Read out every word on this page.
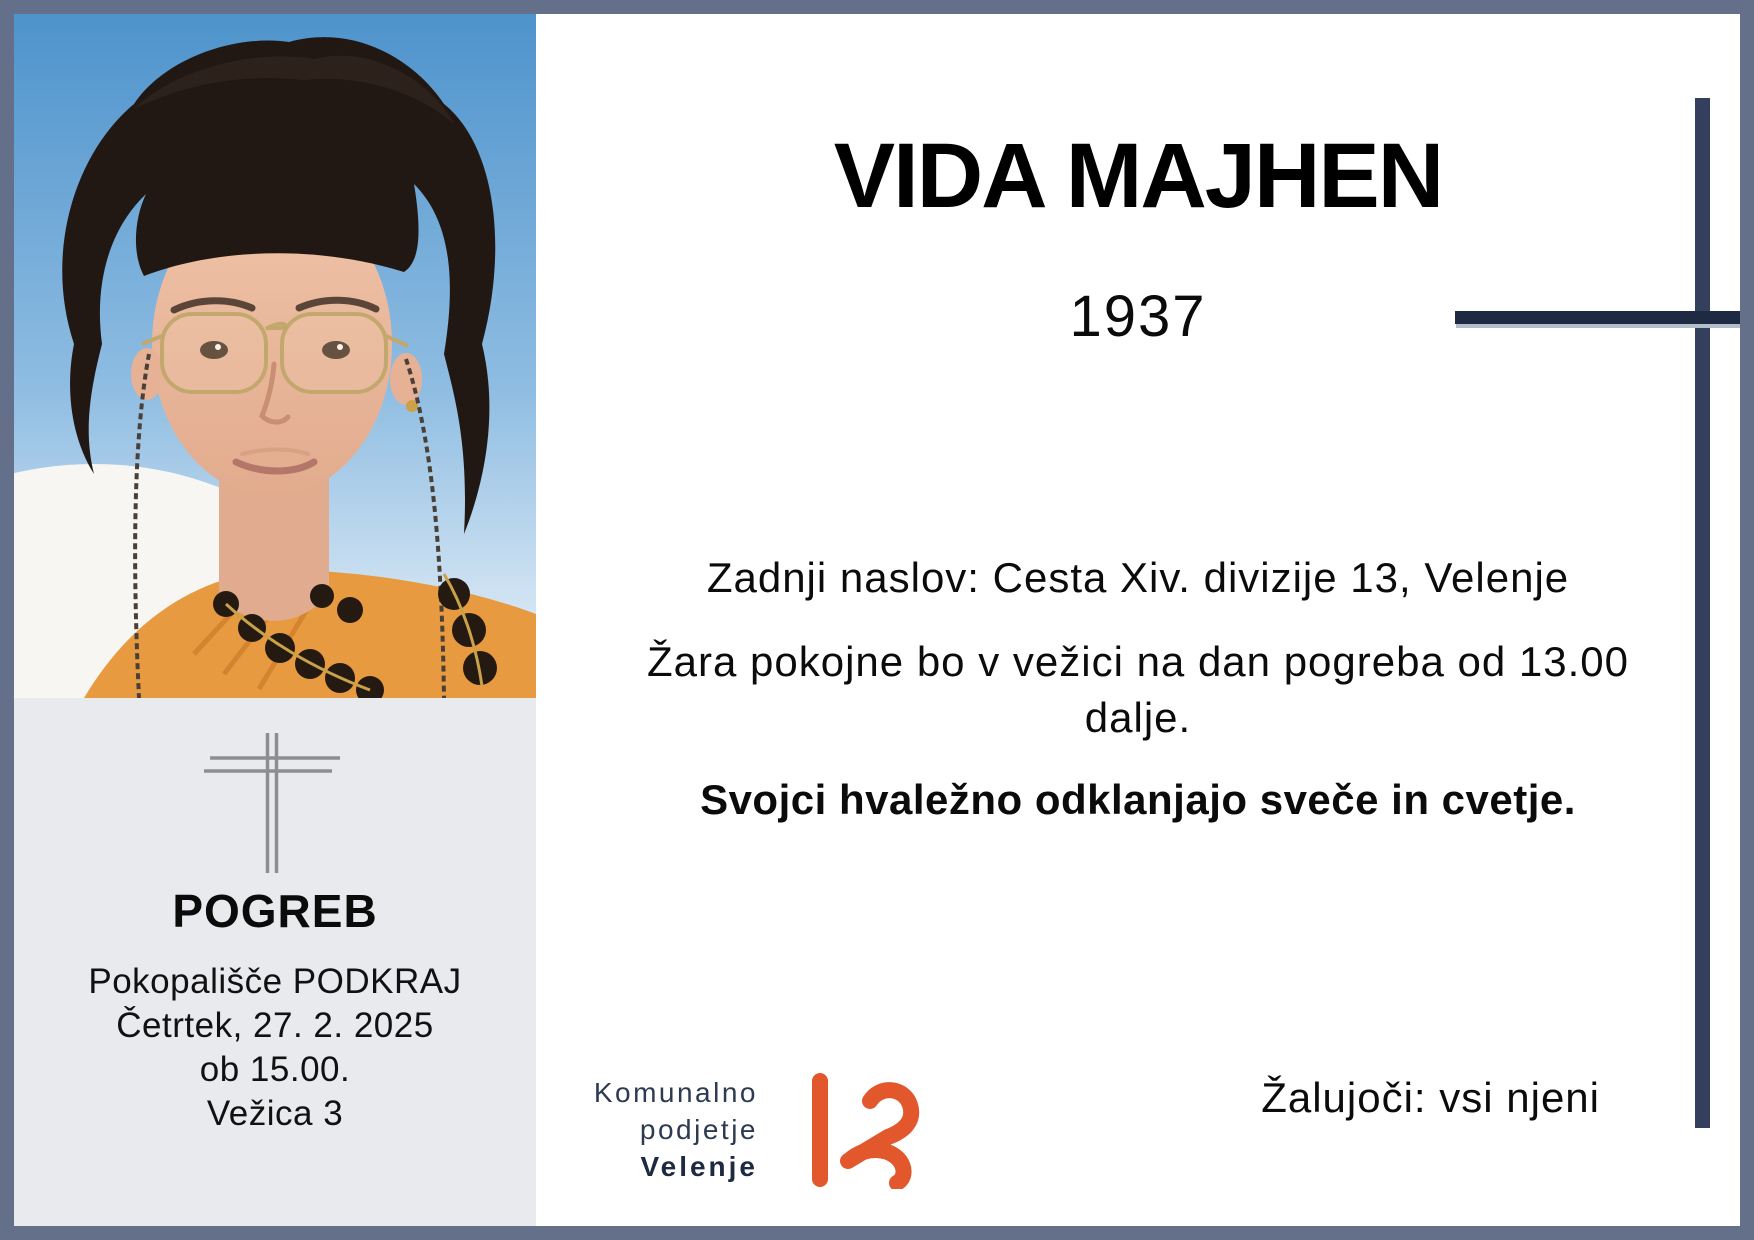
POGREB
Pokopališče PODKRAJ
Četrtek, 27. 2. 2025
ob 15.00.
Vežica 3
VIDA MAJHEN
1937
Zadnji naslov: Cesta Xiv. divizije 13, Velenje
Žara pokojne bo v vežici na dan pogreba od 13.00
dalje.
Svojci hvaležno odklanjajo sveče in cvetje.
Komunalno
podjetje
Velenje
Žalujoči: vsi njeni
